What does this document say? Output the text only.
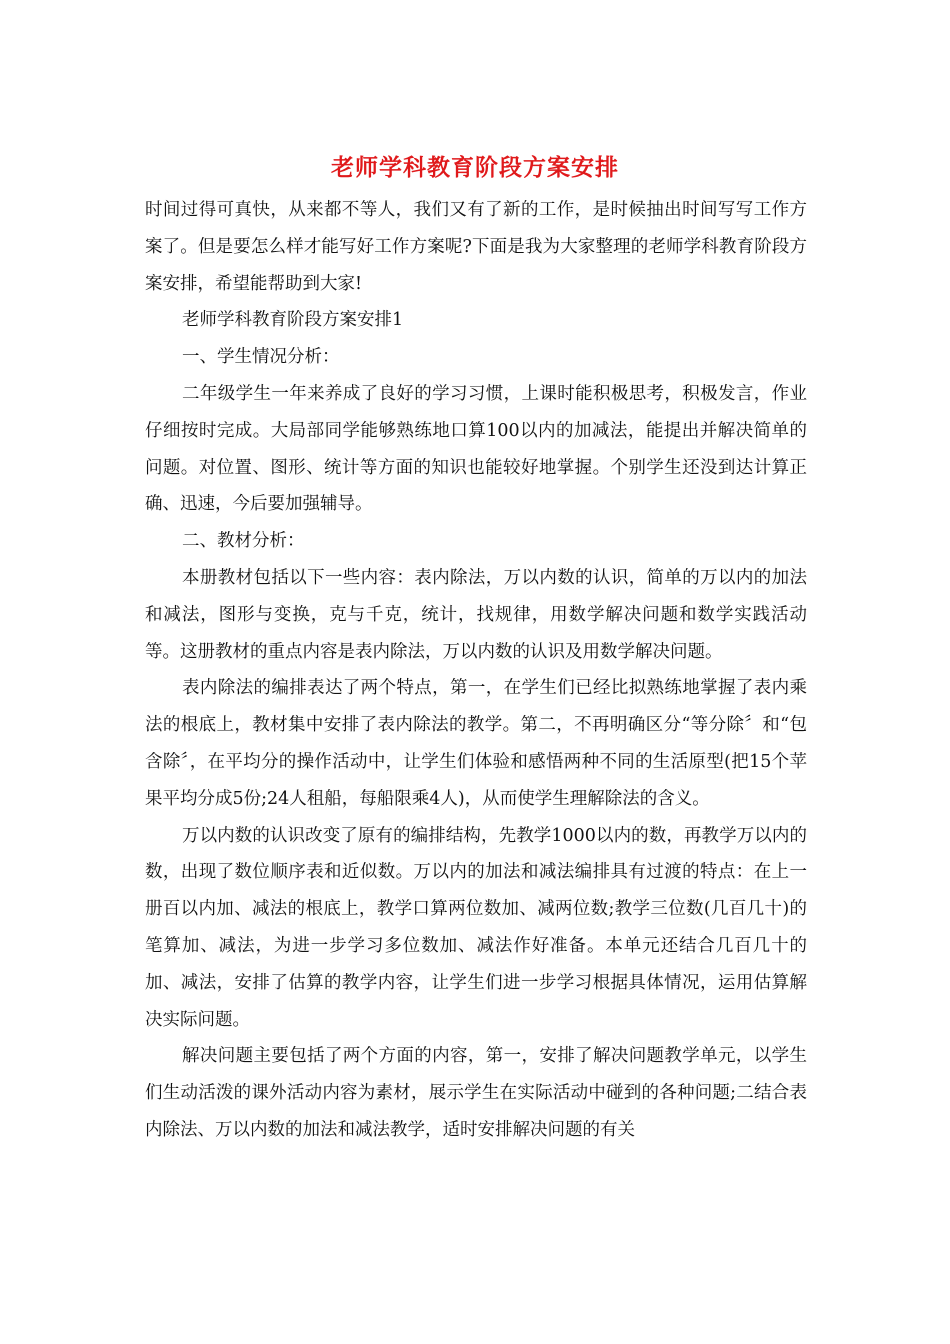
老师学科教育阶段方案安排

时间过得可真快，从来都不等人，我们又有了新的工作，是时候抽出时间写写工作方案了。但是要怎么样才能写好工作方案呢?下面是我为大家整理的老师学科教育阶段方案安排，希望能帮助到大家!

老师学科教育阶段方案安排1

一、学生情况分析：

二年级学生一年来养成了良好的学习习惯，上课时能积极思考，积极发言，作业仔细按时完成。大局部同学能够熟练地口算100以内的加减法，能提出并解决简单的问题。对位置、图形、统计等方面的知识也能较好地掌握。个别学生还没到达计算正确、迅速，今后要加强辅导。

二、教材分析：

本册教材包括以下一些内容：表内除法，万以内数的认识，简单的万以内的加法和减法，图形与变换，克与千克，统计，找规律，用数学解决问题和数学实践活动等。这册教材的重点内容是表内除法，万以内数的认识及用数学解决问题。

表内除法的编排表达了两个特点，第一，在学生们已经比拟熟练地掌握了表内乘法的根底上，教材集中安排了表内除法的教学。第二，不再明确区分“等分除〞和“包含除〞，在平均分的操作活动中，让学生们体验和感悟两种不同的生活原型(把15个苹果平均分成5份;24人租船，每船限乘4人)，从而使学生理解除法的含义。

万以内数的认识改变了原有的编排结构，先教学1000以内的数，再教学万以内的数，出现了数位顺序表和近似数。万以内的加法和减法编排具有过渡的特点：在上一册百以内加、减法的根底上，教学口算两位数加、减两位数;教学三位数(几百几十)的笔算加、减法，为进一步学习多位数加、减法作好准备。本单元还结合几百几十的加、减法，安排了估算的教学内容，让学生们进一步学习根据具体情况，运用估算解决实际问题。

解决问题主要包括了两个方面的内容，第一，安排了解决问题教学单元，以学生们生动活泼的课外活动内容为素材，展示学生在实际活动中碰到的各种问题;二结合表内除法、万以内数的加法和减法教学，适时安排解决问题的有关
